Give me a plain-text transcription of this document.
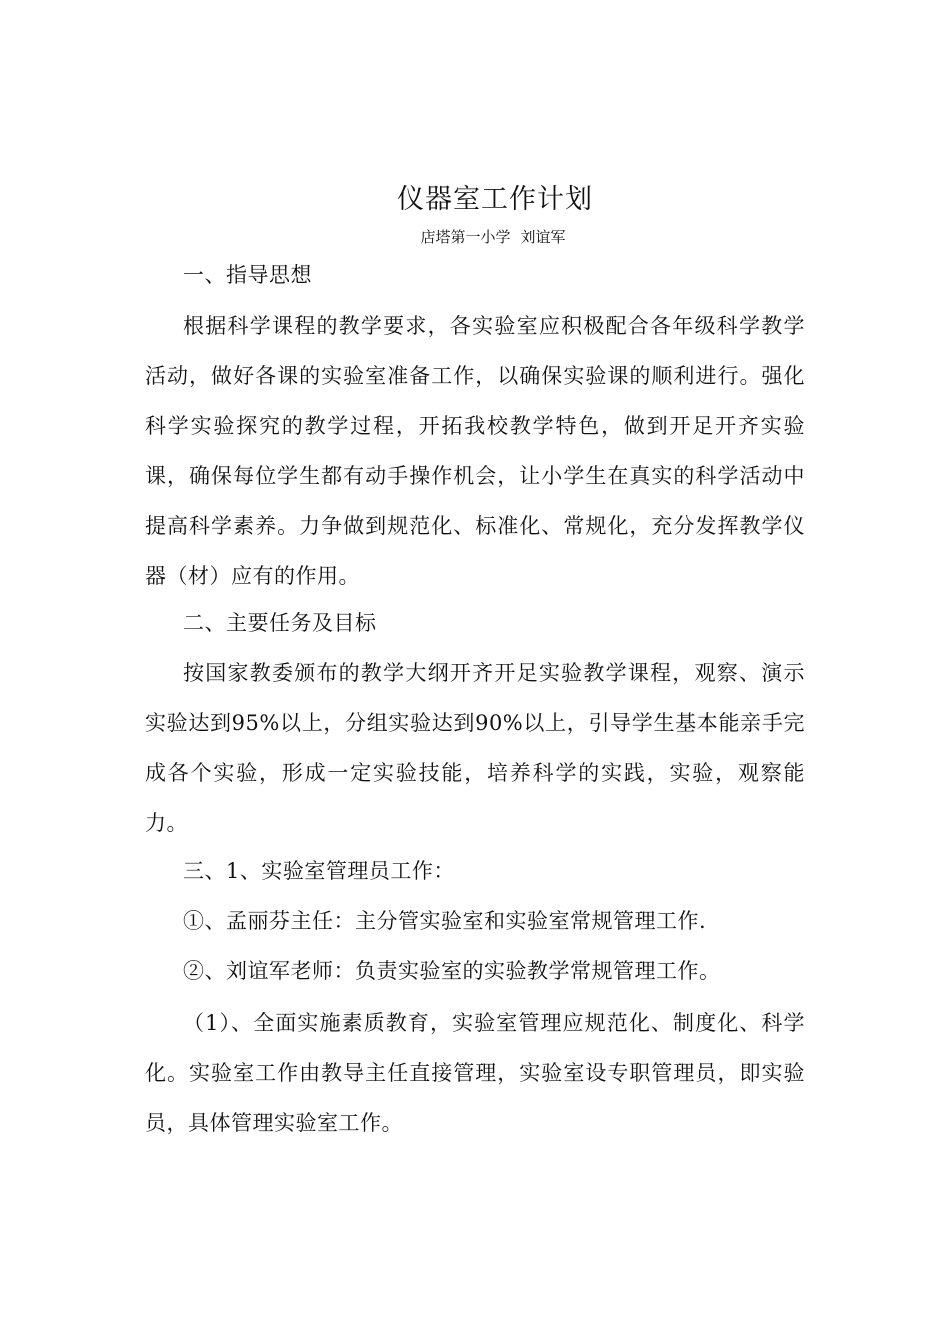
仪器室工作计划
店塔第一小学 刘谊军

一、指导思想

根据科学课程的教学要求，各实验室应积极配合各年级科学教学活动，做好各课的实验室准备工作，以确保实验课的顺利进行。强化科学实验探究的教学过程，开拓我校教学特色，做到开足开齐实验课，确保每位学生都有动手操作机会，让小学生在真实的科学活动中提高科学素养。力争做到规范化、标准化、常规化，充分发挥教学仪器（材）应有的作用。

二、主要任务及目标

按国家教委颁布的教学大纲开齐开足实验教学课程，观察、演示实验达到95%以上，分组实验达到90%以上，引导学生基本能亲手完成各个实验，形成一定实验技能，培养科学的实践，实验，观察能力。

三、1、实验室管理员工作：

①、孟丽芬主任：主分管实验室和实验室常规管理工作.

②、刘谊军老师：负责实验室的实验教学常规管理工作。

（1）、全面实施素质教育，实验室管理应规范化、制度化、科学化。实验室工作由教导主任直接管理，实验室设专职管理员，即实验员，具体管理实验室工作。
